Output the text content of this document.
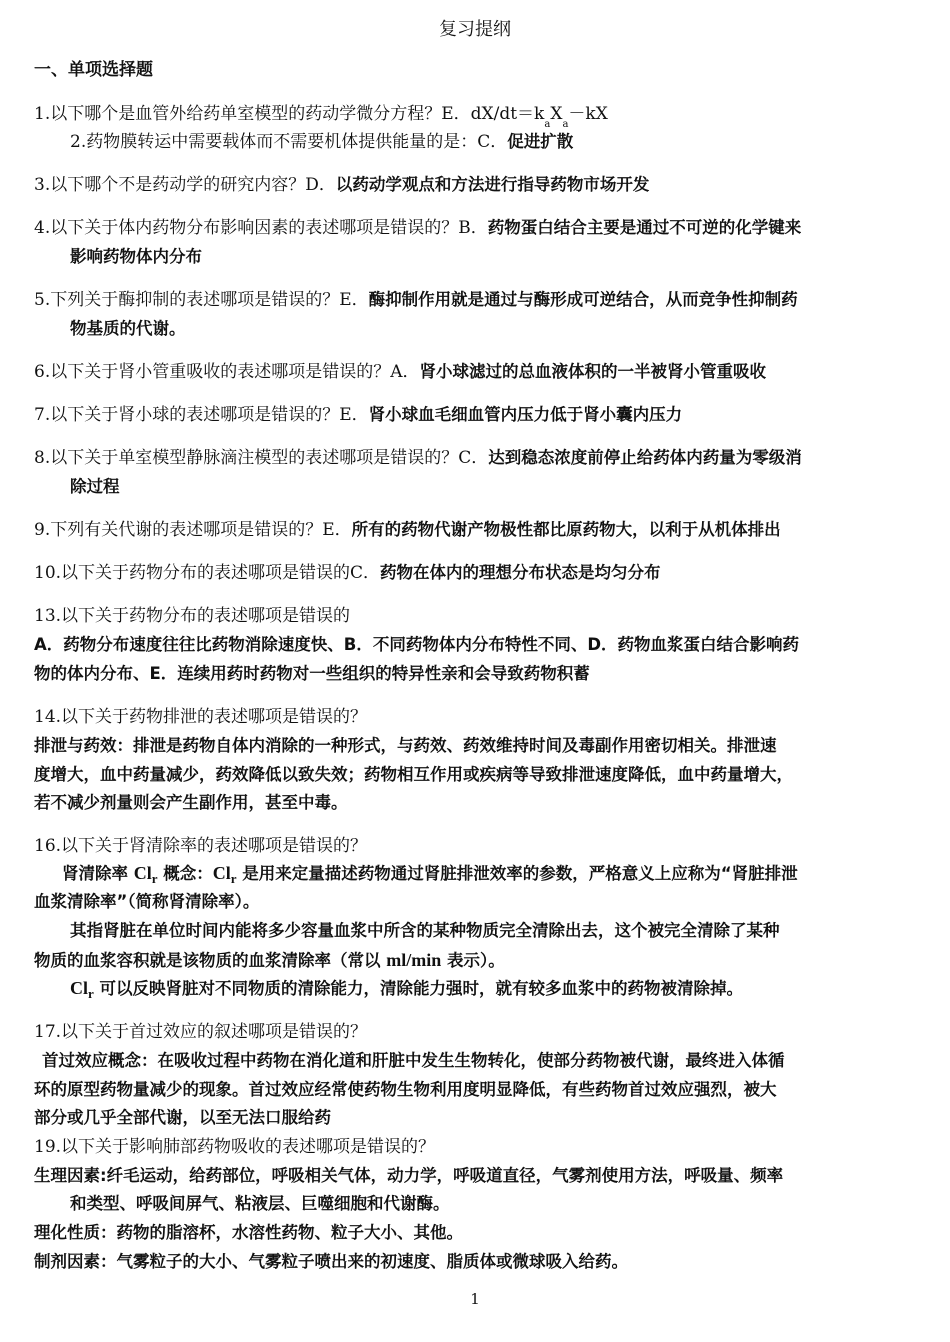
复习提纲
一、单项选择题
1.以下哪个是血管外给药单室模型的药动学微分方程？E．$dX/dt=k_aX_a-kX$
2.药物膜转运中需要载体而不需要机体提供能量的是：C．促进扩散
3.以下哪个不是药动学的研究内容？D．以药动学观点和方法进行指导药物市场开发
4.以下关于体内药物分布影响因素的表述哪项是错误的？B．药物蛋白结合主要是通过不可逆的化学键来
影响药物体内分布
5.下列关于酶抑制的表述哪项是错误的？E．酶抑制作用就是通过与酶形成可逆结合，从而竞争性抑制药
物基质的代谢。
6.以下关于肾小管重吸收的表述哪项是错误的？A．肾小球滤过的总血液体积的一半被肾小管重吸收
7.以下关于肾小球的表述哪项是错误的？E．肾小球血毛细血管内压力低于肾小囊内压力
8.以下关于单室模型静脉滴注模型的表述哪项是错误的？C．达到稳态浓度前停止给药体内药量为零级消
除过程
9.下列有关代谢的表述哪项是错误的？E．所有的药物代谢产物极性都比原药物大，以利于从机体排出
10.以下关于药物分布的表述哪项是错误的C．药物在体内的理想分布状态是均匀分布
13.以下关于药物分布的表述哪项是错误的
A．药物分布速度往往比药物消除速度快、B．不同药物体内分布特性不同、D．药物血浆蛋白结合影响药
物的体内分布、E．连续用药时药物对一些组织的特异性亲和会导致药物积蓄
14.以下关于药物排泄的表述哪项是错误的？
排泄与药效：排泄是药物自体内消除的一种形式，与药效、药效维持时间及毒副作用密切相关。排泄速
度增大，血中药量减少，药效降低以致失效；药物相互作用或疾病等导致排泄速度降低，血中药量增大，
若不减少剂量则会产生副作用，甚至中毒。
16.以下关于肾清除率的表述哪项是错误的？
肾清除率 $Cl_r$ 概念：$Cl_r$ 是用来定量描述药物通过肾脏排泄效率的参数，严格意义上应称为“肾脏排泄
血浆清除率”（简称肾清除率）。
其指肾脏在单位时间内能将多少容量血浆中所含的某种物质完全清除出去，这个被完全清除了某种
物质的血浆容积就是该物质的血浆清除率（常以 ml/min 表示）。
$Cl_r$ 可以反映肾脏对不同物质的清除能力，清除能力强时，就有较多血浆中的药物被清除掉。
17.以下关于首过效应的叙述哪项是错误的？
首过效应概念：在吸收过程中药物在消化道和肝脏中发生生物转化，使部分药物被代谢，最终进入体循
环的原型药物量减少的现象。首过效应经常使药物生物利用度明显降低，有些药物首过效应强烈，被大
部分或几乎全部代谢，以至无法口服给药
19.以下关于影响肺部药物吸收的表述哪项是错误的？
生理因素:纤毛运动，给药部位，呼吸相关气体，动力学，呼吸道直径，气雾剂使用方法，呼吸量、频率
和类型、呼吸间屏气、粘液层、巨噬细胞和代谢酶。
理化性质：药物的脂溶杯，水溶性药物、粒子大小、其他。
制剂因素：气雾粒子的大小、气雾粒子喷出来的初速度、脂质体或微球吸入给药。
1
